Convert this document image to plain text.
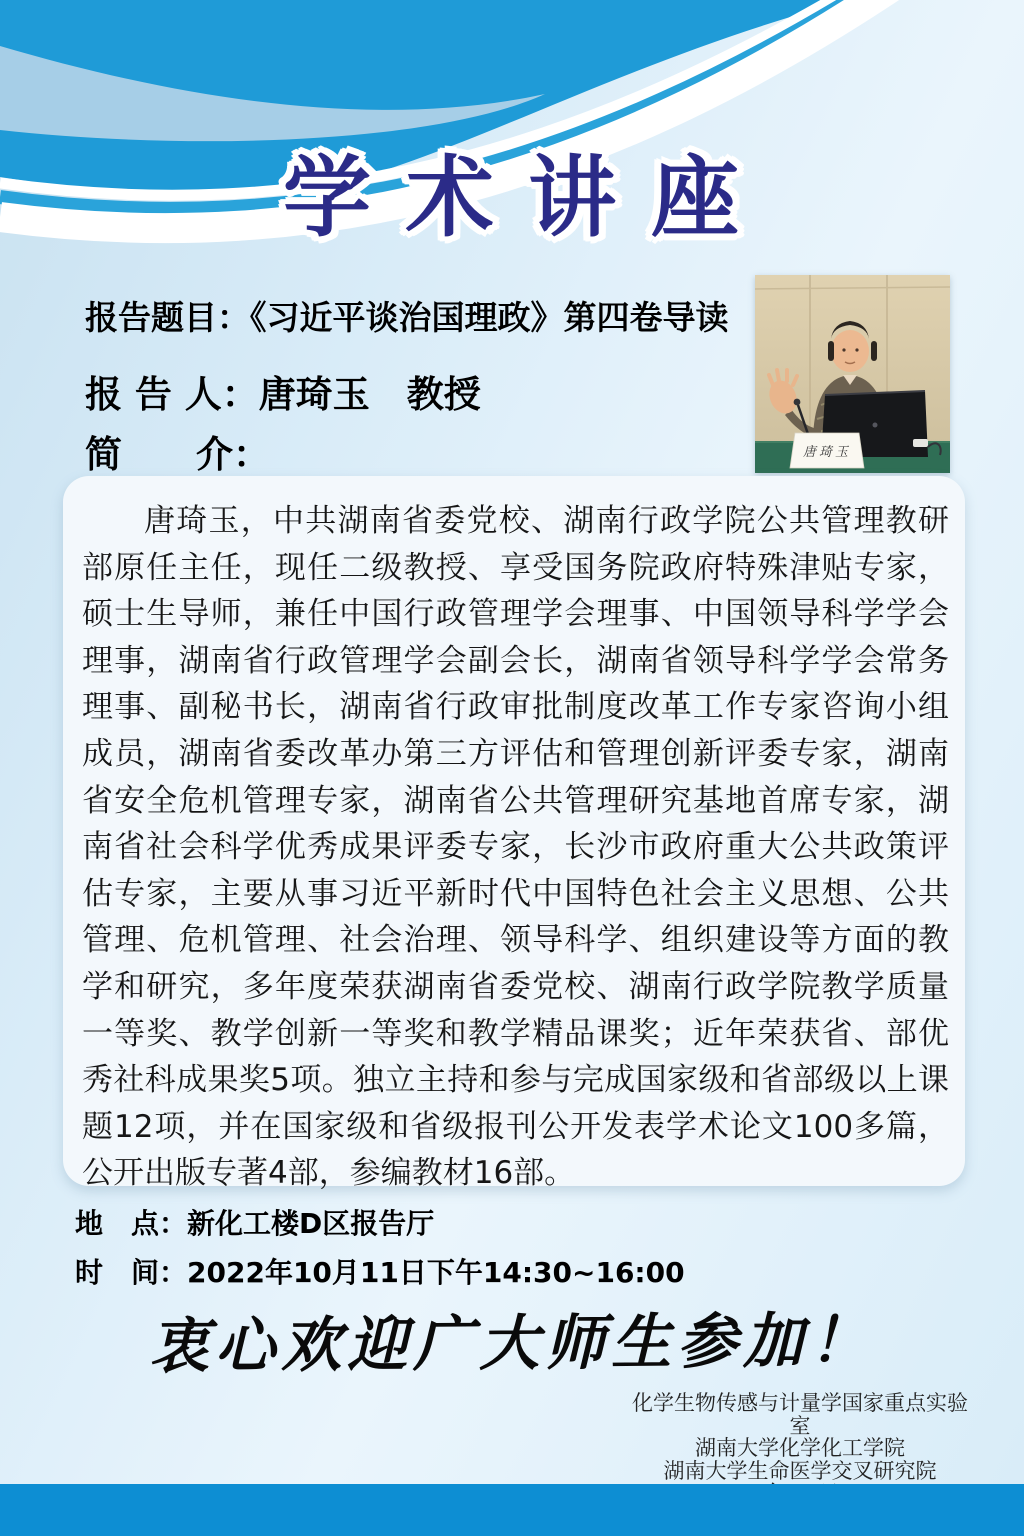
学 术 讲 座
报告题目：《习近平谈治国理政》第四卷导读
报 告 人：唐琦玉　教授
简　　介：	唐琦玉

唐琦玉，中共湖南省委党校、湖南行政学院公共管理教研部原任主任，现任二级教授、享受国务院政府特殊津贴专家，硕士生导师，兼任中国行政管理学会理事、中国领导科学学会理事，湖南省行政管理学会副会长，湖南省领导科学学会常务理事、副秘书长，湖南省行政审批制度改革工作专家咨询小组成员，湖南省委改革办第三方评估和管理创新评委专家，湖南省安全危机管理专家，湖南省公共管理研究基地首席专家，湖南省社会科学优秀成果评委专家，长沙市政府重大公共政策评估专家，主要从事习近平新时代中国特色社会主义思想、公共管理、危机管理、社会治理、领导科学、组织建设等方面的教学和研究，多年度荣获湖南省委党校、湖南行政学院教学质量一等奖、教学创新一等奖和教学精品课奖；近年荣获省、部优秀社科成果奖5项。独立主持和参与完成国家级和省部级以上课题12项，并在国家级和省级报刊公开发表学术论文100多篇，公开出版专著4部，参编教材16部。

地　点：新化工楼D区报告厅
时　间：2022年10月11日下午14:30~16:00
衷心欢迎广大师生参加！
化学生物传感与计量学国家重点实验室
湖南大学化学化工学院
湖南大学生命医学交叉研究院
